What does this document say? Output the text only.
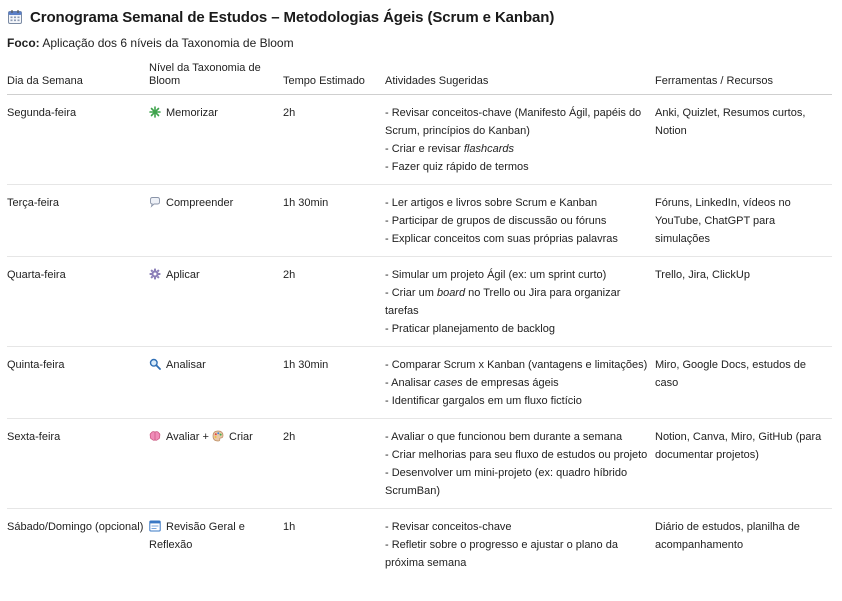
Cronograma Semanal de Estudos – Metodologias Ágeis (Scrum e Kanban)
Foco: Aplicação dos 6 níveis da Taxonomia de Bloom
Dia da Semana	Nível da Taxonomia de Bloom	Tempo Estimado	Atividades Sugeridas	Ferramentas / Recursos
Segunda-feira	Memorizar	2h	- Revisar conceitos-chave (Manifesto Ágil, papéis do Scrum, princípios do Kanban)
- Criar e revisar flashcards
- Fazer quiz rápido de termos	Anki, Quizlet, Resumos curtos, Notion
Terça-feira	Compreender	1h 30min	- Ler artigos e livros sobre Scrum e Kanban
- Participar de grupos de discussão ou fóruns
- Explicar conceitos com suas próprias palavras	Fóruns, LinkedIn, vídeos no YouTube, ChatGPT para simulações
Quarta-feira	Aplicar	2h	- Simular um projeto Ágil (ex: um sprint curto)
- Criar um board no Trello ou Jira para organizar tarefas
- Praticar planejamento de backlog	Trello, Jira, ClickUp
Quinta-feira	Analisar	1h 30min	- Comparar Scrum x Kanban (vantagens e limitações)
- Analisar cases de empresas ágeis
- Identificar gargalos em um fluxo fictício	Miro, Google Docs, estudos de caso
Sexta-feira	Avaliar + Criar	2h	- Avaliar o que funcionou bem durante a semana
- Criar melhorias para seu fluxo de estudos ou projeto
- Desenvolver um mini-projeto (ex: quadro híbrido ScrumBan)	Notion, Canva, Miro, GitHub (para documentar projetos)
Sábado/Domingo (opcional)	Revisão Geral e Reflexão	1h	- Revisar conceitos-chave
- Refletir sobre o progresso e ajustar o plano da próxima semana	Diário de estudos, planilha de acompanhamento
